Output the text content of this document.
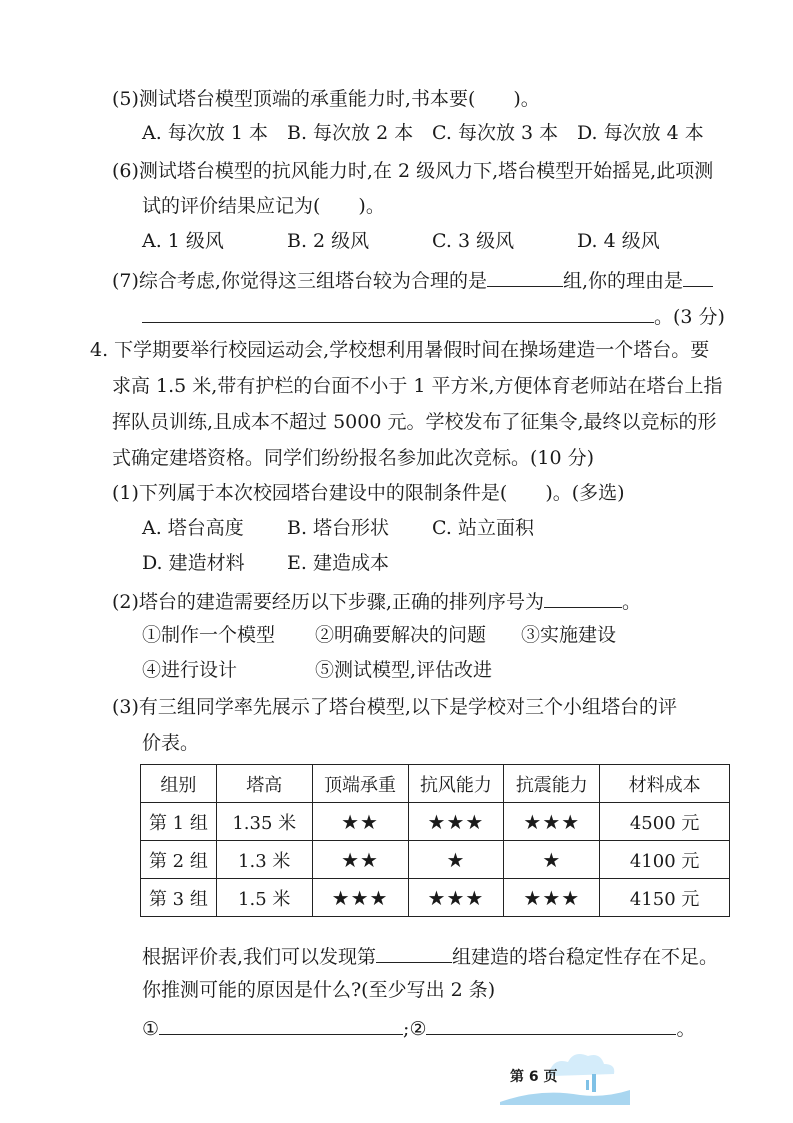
(5)测试塔台模型顶端的承重能力时,书本要(　　)。
A. 每次放 1 本 B. 每次放 2 本 C. 每次放 3 本 D. 每次放 4 本
(6)测试塔台模型的抗风能力时,在 2 级风力下,塔台模型开始摇晃,此项测
试的评价结果应记为(　　)。
A. 1 级风	B. 2 级风	C. 3 级风	D. 4 级风
(7)综合考虑,你觉得这三组塔台较为合理的是	组,你的理由是
。(3 分)
4. 下学期要举行校园运动会,学校想利用暑假时间在操场建造一个塔台。要
求高 1.5 米,带有护栏的台面不小于 1 平方米,方便体育老师站在塔台上指
挥队员训练,且成本不超过 5000 元。学校发布了征集令,最终以竞标的形
式确定建塔资格。同学们纷纷报名参加此次竞标。(10 分)
(1)下列属于本次校园塔台建设中的限制条件是(　　)。(多选)
A. 塔台高度 B. 塔台形状 C. 站立面积
D. 建造材料 E. 建造成本
(2)塔台的建造需要经历以下步骤,正确的排列序号为	。
①制作一个模型 ②明确要解决的问题 ③实施建设
④进行设计	⑤测试模型,评估改进
(3)有三组同学率先展示了塔台模型,以下是学校对三个小组塔台的评
价表。
组别	塔高	顶端承重	抗风能力	抗震能力	材料成本
第 1 组	1.35 米	★★	★★★	★★★	4500 元
第 2 组	1.3 米	★★	★	★	4100 元
第 3 组	1.5 米	★★★	★★★	★★★	4150 元
根据评价表,我们可以发现第	组建造的塔台稳定性存在不足。
你推测可能的原因是什么?(至少写出 2 条)
①	;②	。
第 6 页
